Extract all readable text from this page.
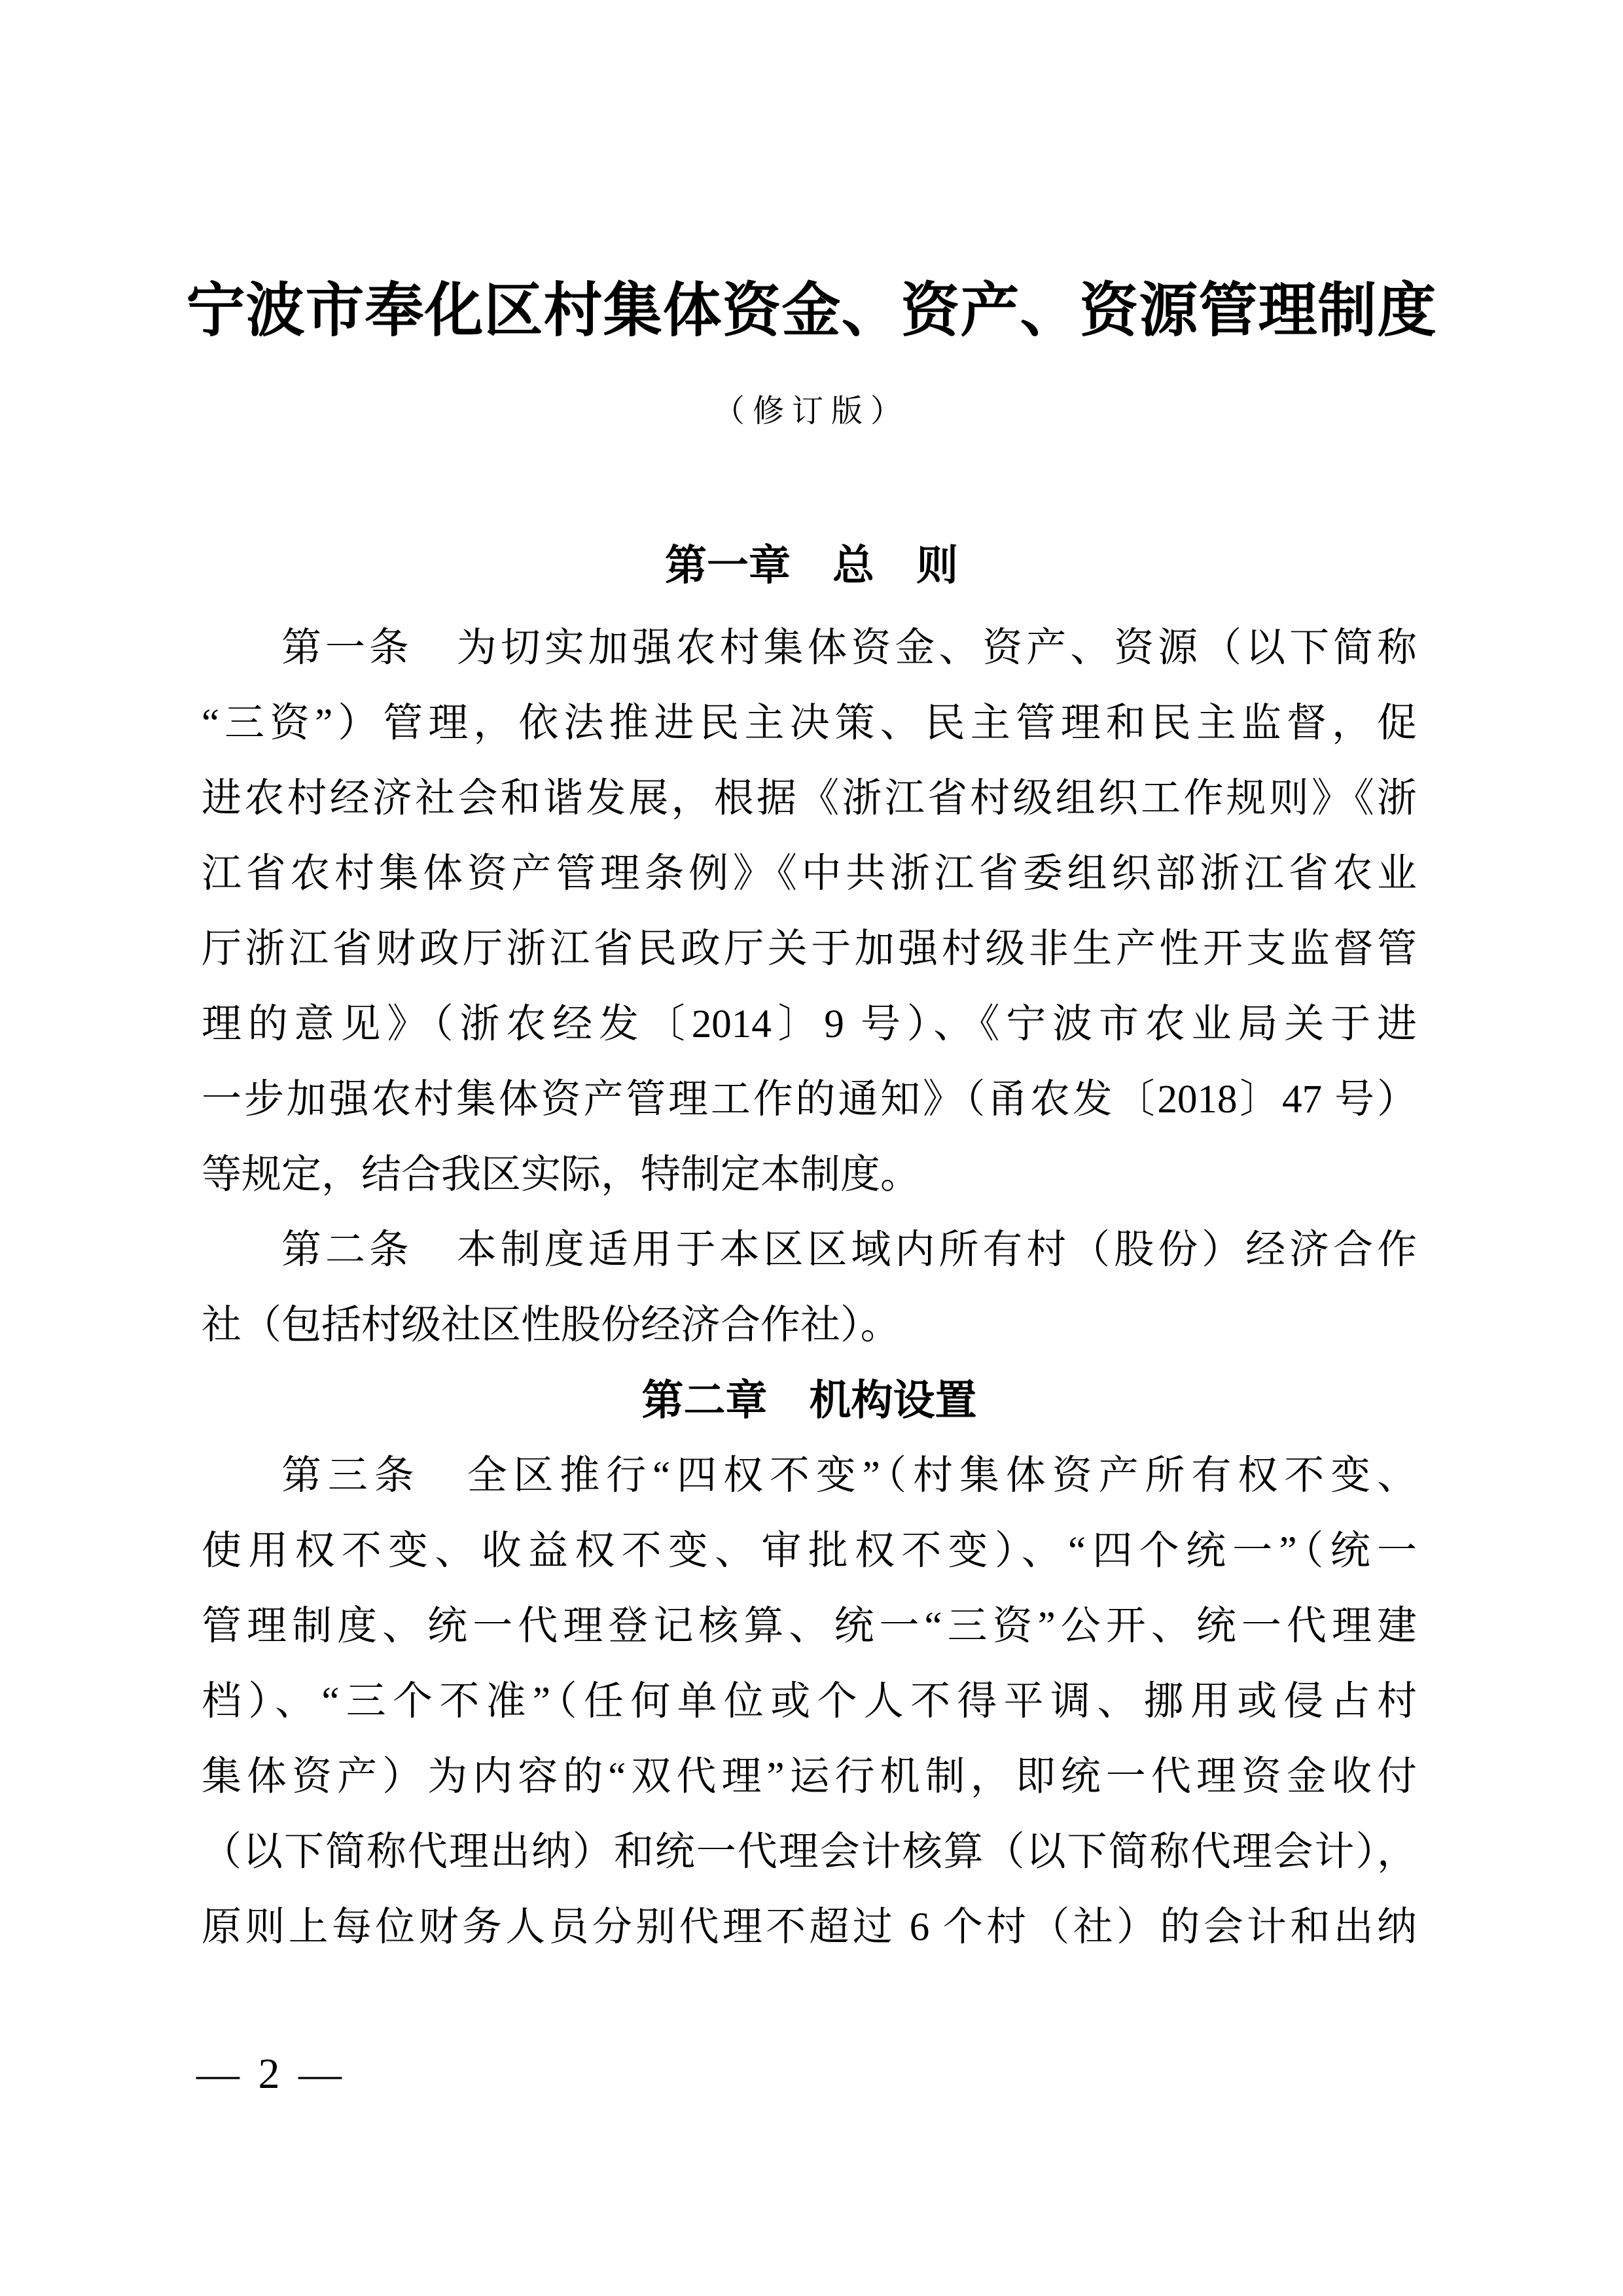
宁波市奉化区村集体资金、资产、资源管理制度
（修订版）
第一章　总　则
第一条　为切实加强农村集体资金、资产、资源（以下简称
“三资”）管理，依法推进民主决策、民主管理和民主监督，促
进农村经济社会和谐发展，根据《浙江省村级组织工作规则》《浙
江省农村集体资产管理条例》《中共浙江省委组织部浙江省农业
厅浙江省财政厅浙江省民政厅关于加强村级非生产性开支监督管
理的意见》（浙农经发〔2014〕9 号）、《宁波市农业局关于进
一步加强农村集体资产管理工作的通知》（甬农发〔2018〕47 号）
等规定，结合我区实际，特制定本制度。
第二条　本制度适用于本区区域内所有村（股份）经济合作
社（包括村级社区性股份经济合作社）。
第二章　机构设置
第三条　全区推行“四权不变”（村集体资产所有权不变、
使用权不变、收益权不变、审批权不变）、“四个统一”（统一
管理制度、统一代理登记核算、统一“三资”公开、统一代理建
档）、“三个不准”（任何单位或个人不得平调、挪用或侵占村
集体资产）为内容的“双代理”运行机制，即统一代理资金收付
（以下简称代理出纳）和统一代理会计核算（以下简称代理会计），
原则上每位财务人员分别代理不超过 6 个村（社）的会计和出纳
— 2 —
